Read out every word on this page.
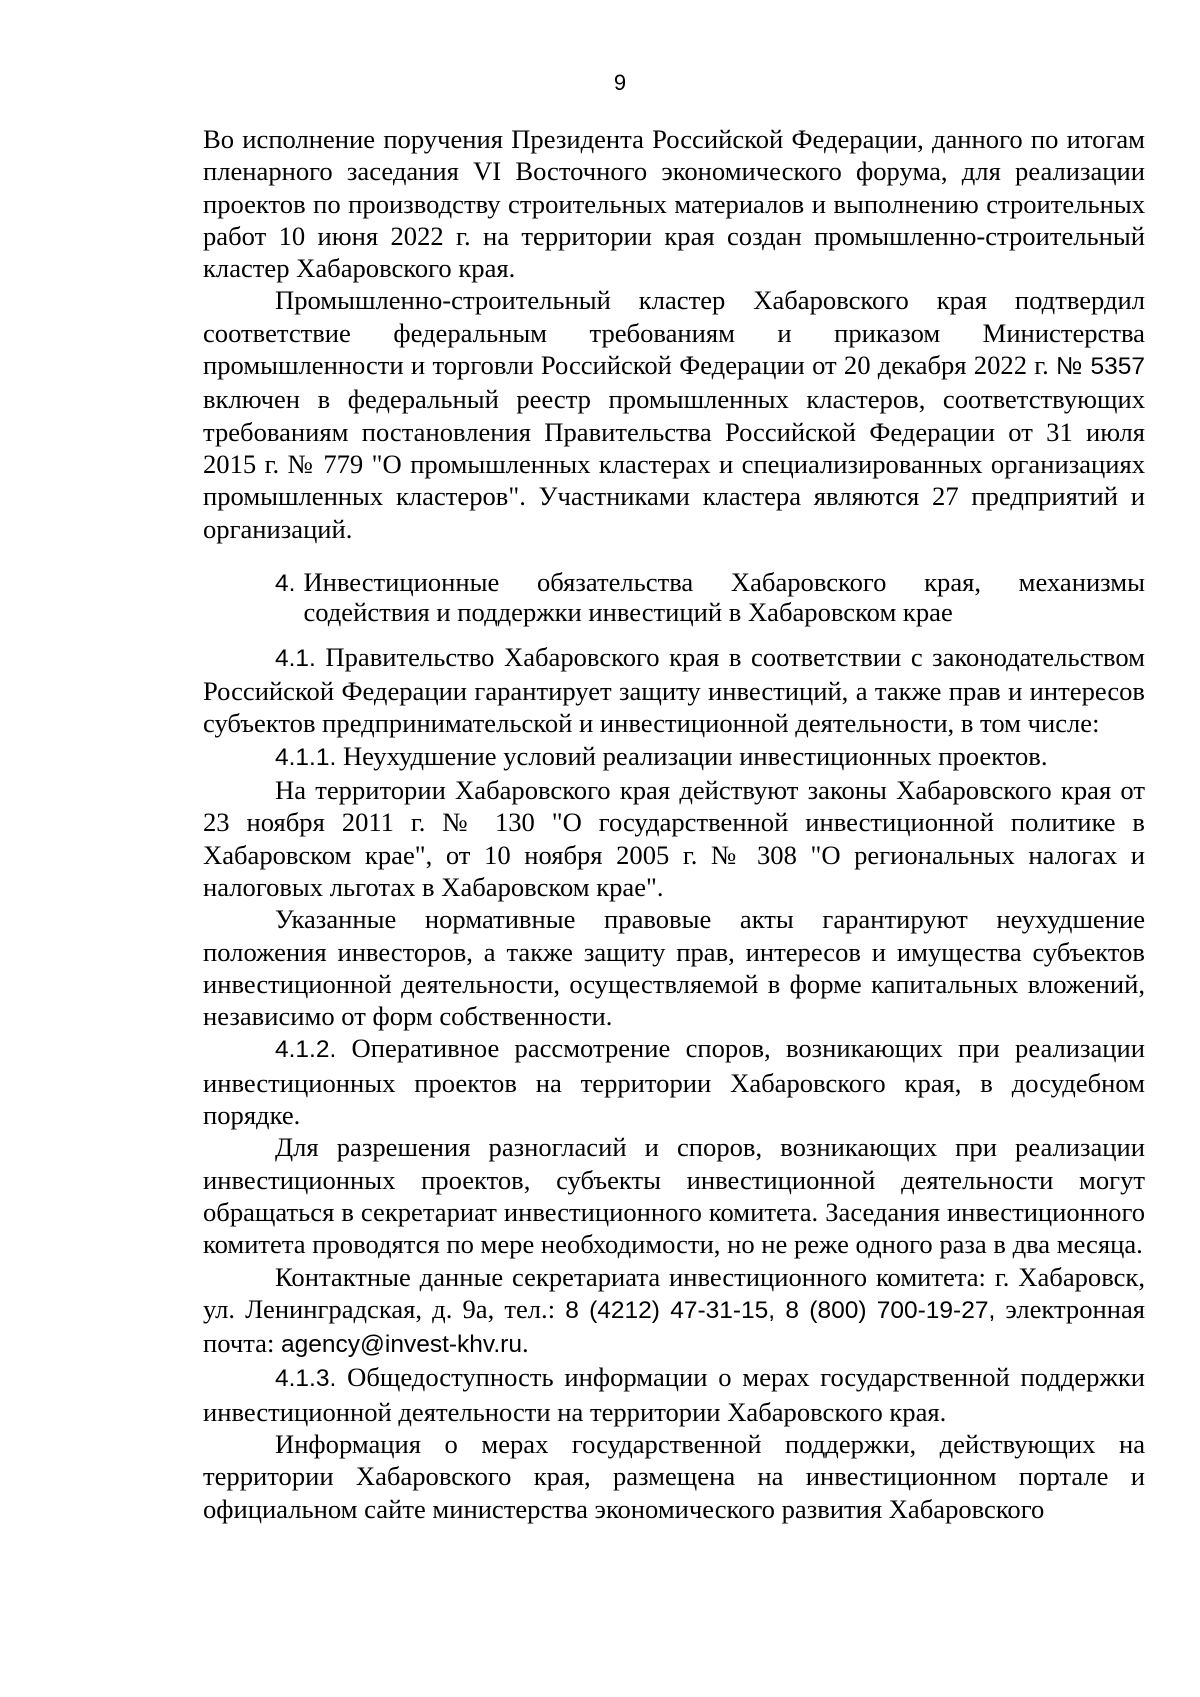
9

Во исполнение поручения Президента Российской Федерации, данного по итогам пленарного заседания VI Восточного экономического форума, для реализации проектов по производству строительных материалов и выполнению строительных работ 10 июня 2022 г. на территории края создан промышленно-строительный кластер Хабаровского края.

Промышленно-строительный кластер Хабаровского края подтвердил соответствие федеральным требованиям и приказом Министерства промышленности и торговли Российской Федерации от 20 декабря 2022 г. № 5357 включен в федеральный реестр промышленных кластеров, соответствующих требованиям постановления Правительства Российской Федерации от 31 июля 2015 г. № 779 "О промышленных кластерах и специализированных организациях промышленных кластеров". Участниками кластера являются 27 предприятий и организаций.

4. Инвестиционные обязательства Хабаровского края, механизмы содействия и поддержки инвестиций в Хабаровском крае

4.1. Правительство Хабаровского края в соответствии с законодательством Российской Федерации гарантирует защиту инвестиций, а также прав и интересов субъектов предпринимательской и инвестиционной деятельности, в том числе:

4.1.1. Неухудшение условий реализации инвестиционных проектов.

На территории Хабаровского края действуют законы Хабаровского края от 23 ноября 2011 г. № 130 "О государственной инвестиционной политике в Хабаровском крае", от 10 ноября 2005 г. № 308 "О региональных налогах и налоговых льготах в Хабаровском крае".

Указанные нормативные правовые акты гарантируют неухудшение положения инвесторов, а также защиту прав, интересов и имущества субъектов инвестиционной деятельности, осуществляемой в форме капитальных вложений, независимо от форм собственности.

4.1.2. Оперативное рассмотрение споров, возникающих при реализации инвестиционных проектов на территории Хабаровского края, в досудебном порядке.

Для разрешения разногласий и споров, возникающих при реализации инвестиционных проектов, субъекты инвестиционной деятельности могут обращаться в секретариат инвестиционного комитета. Заседания инвестиционного комитета проводятся по мере необходимости, но не реже одного раза в два месяца.

Контактные данные секретариата инвестиционного комитета: г. Хабаровск, ул. Ленинградская, д. 9а, тел.: 8 (4212) 47-31-15, 8 (800) 700-19-27, электронная почта: agency@invest-khv.ru.

4.1.3. Общедоступность информации о мерах государственной поддержки инвестиционной деятельности на территории Хабаровского края.

Информация о мерах государственной поддержки, действующих на территории Хабаровского края, размещена на инвестиционном портале и официальном сайте министерства экономического развития Хабаровского
